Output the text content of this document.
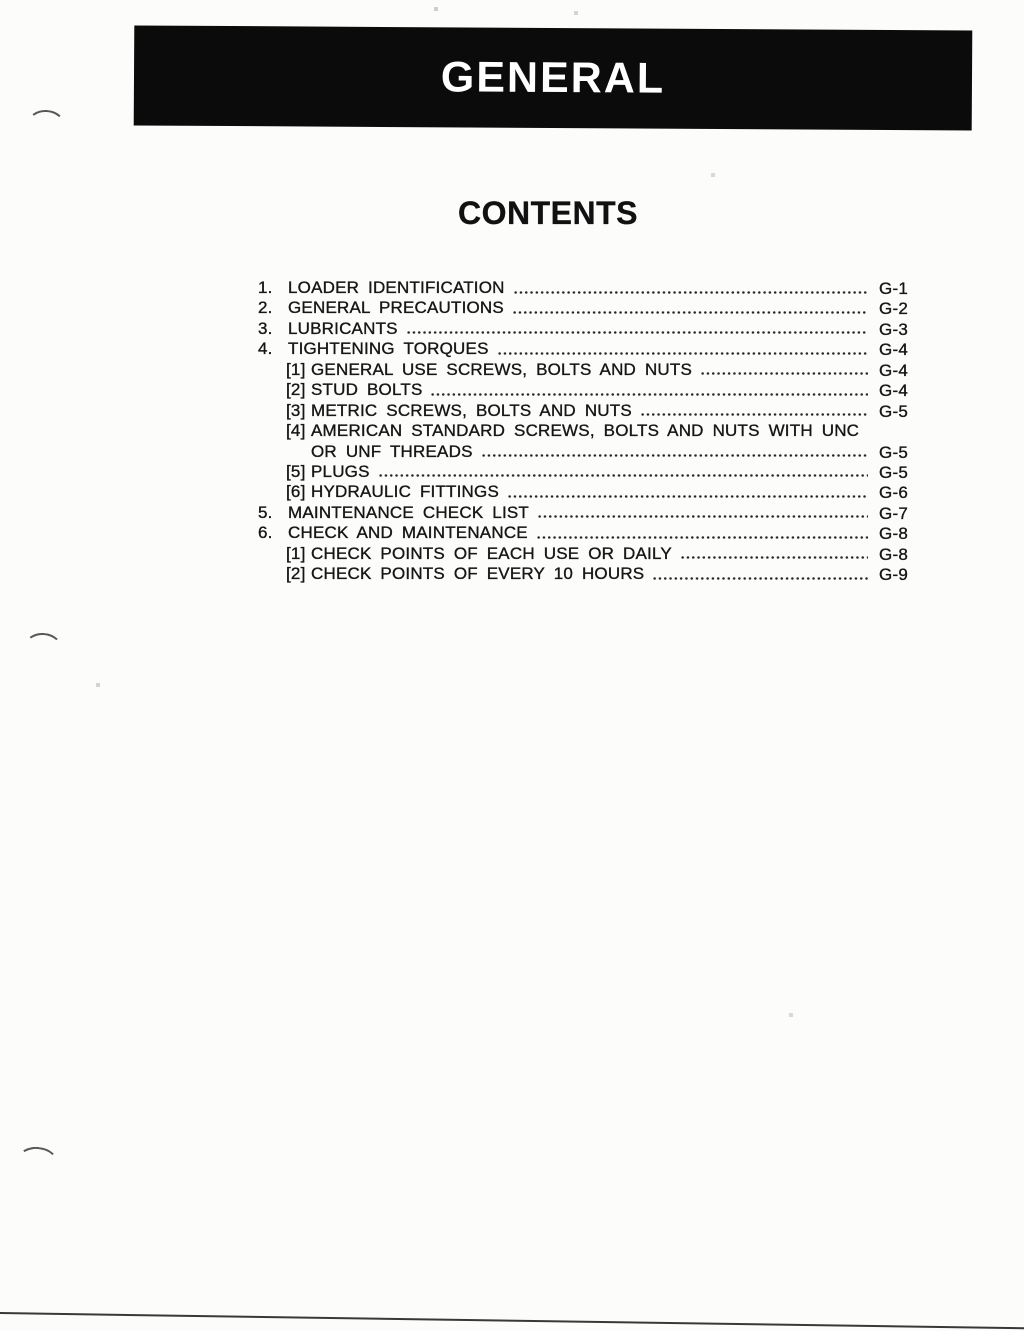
GENERAL
CONTENTS
1. LOADER IDENTIFICATION	G-1
2. GENERAL PRECAUTIONS	G-2
3. LUBRICANTS	G-3
4. TIGHTENING TORQUES	G-4
[1] GENERAL USE SCREWS, BOLTS AND NUTS	G-4
[2] STUD BOLTS	G-4
[3] METRIC SCREWS, BOLTS AND NUTS	G-5
[4] AMERICAN STANDARD SCREWS, BOLTS AND NUTS WITH UNC
OR UNF THREADS	G-5
[5] PLUGS	G-5
[6] HYDRAULIC FITTINGS	G-6
5. MAINTENANCE CHECK LIST	G-7
6. CHECK AND MAINTENANCE	G-8
[1] CHECK POINTS OF EACH USE OR DAILY	G-8
[2] CHECK POINTS OF EVERY 10 HOURS	G-9
